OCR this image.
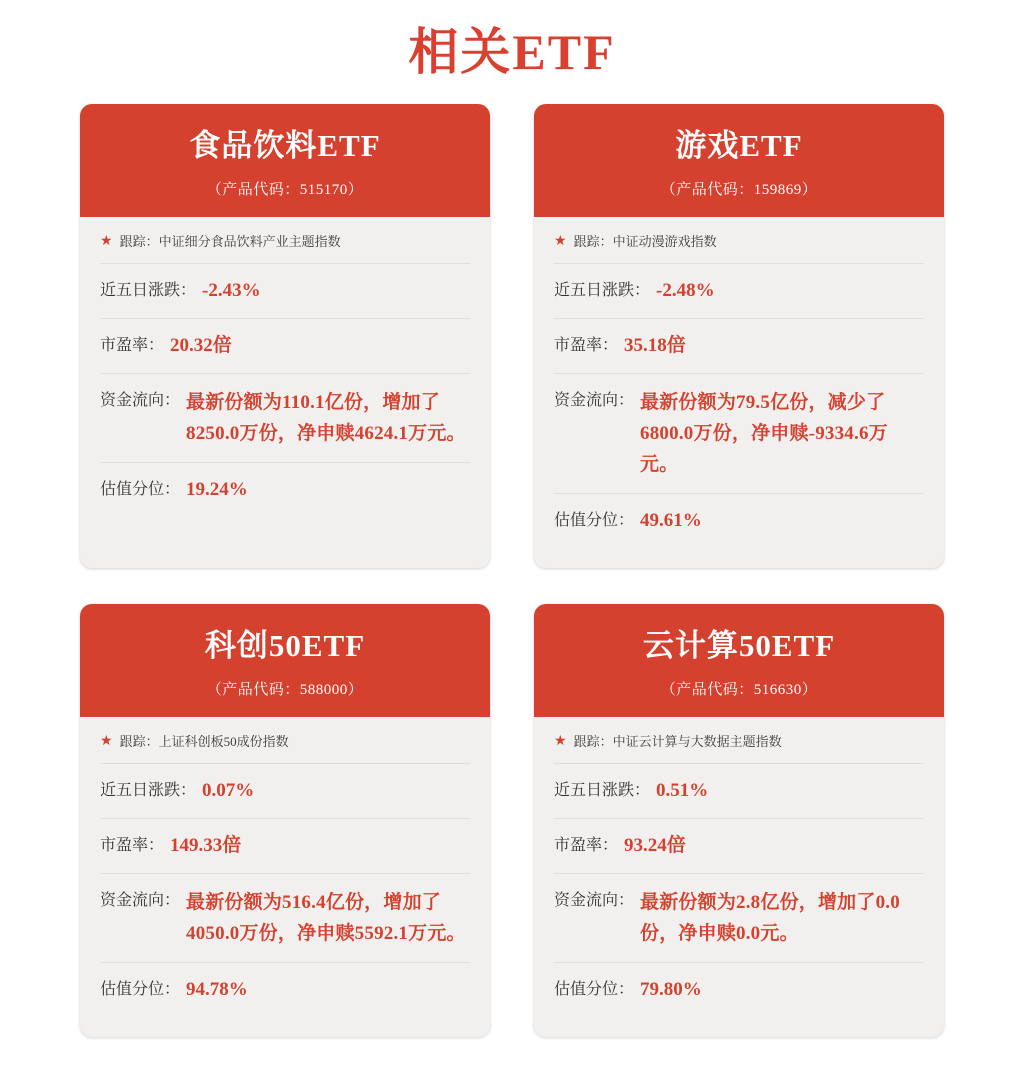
相关ETF
食品饮料ETF
（产品代码：515170）
★ 跟踪：中证细分食品饮料产业主题指数
近五日涨跌： -2.43%
市盈率： 20.32倍
资金流向： 最新份额为110.1亿份，增加了8250.0万份，净申赎4624.1万元。
估值分位： 19.24%
游戏ETF
（产品代码：159869）
★ 跟踪：中证动漫游戏指数
近五日涨跌： -2.48%
市盈率： 35.18倍
资金流向： 最新份额为79.5亿份，减少了6800.0万份，净申赎-9334.6万元。
估值分位： 49.61%
科创50ETF
（产品代码：588000）
★ 跟踪：上证科创板50成份指数
近五日涨跌： 0.07%
市盈率： 149.33倍
资金流向： 最新份额为516.4亿份，增加了4050.0万份，净申赎5592.1万元。
估值分位： 94.78%
云计算50ETF
（产品代码：516630）
★ 跟踪：中证云计算与大数据主题指数
近五日涨跌： 0.51%
市盈率： 93.24倍
资金流向： 最新份额为2.8亿份，增加了0.0份，净申赎0.0元。
估值分位： 79.80%
